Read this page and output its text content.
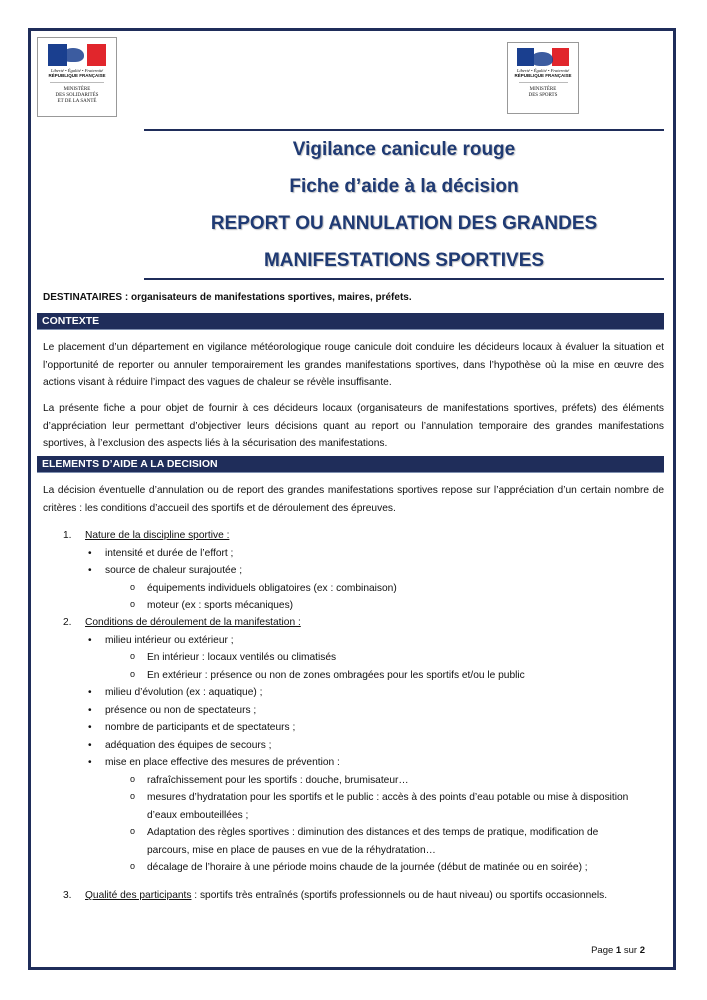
Liberté • Égalité • Fraternité
RÉPUBLIQUE FRANÇAISE
MINISTÈRE
DES SOLIDARITÉS
ET DE LA SANTÉ
Liberté • Égalité • Fraternité
RÉPUBLIQUE FRANÇAISE
MINISTÈRE
DES SPORTS
Vigilance canicule rouge
Fiche d’aide à la décision
REPORT OU ANNULATION DES GRANDES
MANIFESTATIONS SPORTIVES
DESTINATAIRES : organisateurs de manifestations sportives, maires, préfets.
CONTEXTE
Le placement d’un département en vigilance météorologique rouge canicule doit conduire les décideurs locaux à évaluer la situation et l’opportunité de reporter ou annuler temporairement les grandes manifestations sportives, dans l’hypothèse où la mise en œuvre des actions visant à réduire l’impact des vagues de chaleur se révèle insuffisante.
La présente fiche a pour objet de fournir à ces décideurs locaux (organisateurs de manifestations sportives, préfets) des éléments d’appréciation leur permettant d’objectiver leurs décisions quant au report ou l’annulation temporaire des grandes manifestations sportives, à l’exclusion des aspects liés à la sécurisation des manifestations.
ELEMENTS D’AIDE A LA DECISION
La décision éventuelle d’annulation ou de report des grandes manifestations sportives repose sur l’appréciation d’un certain nombre de critères : les conditions d’accueil des sportifs et de déroulement des épreuves.
1. Nature de la discipline sportive :
• intensité et durée de l’effort ;
• source de chaleur surajoutée ;
o équipements individuels obligatoires (ex : combinaison)
o moteur (ex : sports mécaniques)
2. Conditions de déroulement de la manifestation :
• milieu intérieur ou extérieur ;
o En intérieur : locaux ventilés ou climatisés
o En extérieur : présence ou non de zones ombragées pour les sportifs et/ou le public
• milieu d’évolution (ex : aquatique) ;
• présence ou non de spectateurs ;
• nombre de participants et de spectateurs ;
• adéquation des équipes de secours ;
• mise en place effective des mesures de prévention :
o rafraîchissement pour les sportifs : douche, brumisateur…
o mesures d’hydratation pour les sportifs et le public : accès à des points d’eau potable ou mise à disposition
d’eaux embouteillées ;
o Adaptation des règles sportives : diminution des distances et des temps de pratique, modification de
parcours, mise en place de pauses en vue de la réhydratation…
o décalage de l’horaire à une période moins chaude de la journée (début de matinée ou en soirée) ;
3. Qualité des participants : sportifs très entraînés (sportifs professionnels ou de haut niveau) ou sportifs occasionnels.
Page 1 sur 2
